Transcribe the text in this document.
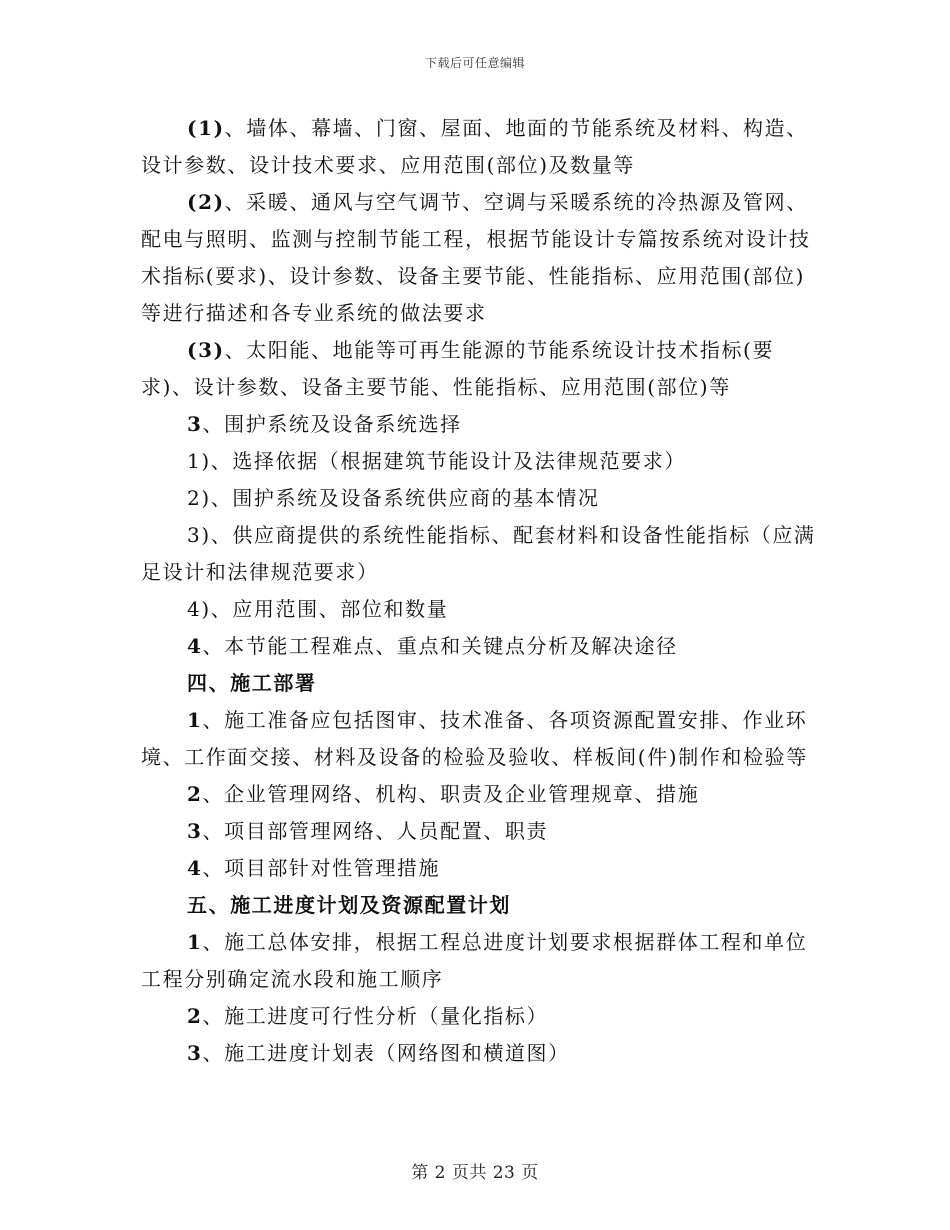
下载后可任意编辑

(1)、墙体、幕墙、门窗、屋面、地面的节能系统及材料、构造、设计参数、设计技术要求、应用范围(部位)及数量等

(2)、采暖、通风与空气调节、空调与采暖系统的冷热源及管网、配电与照明、监测与控制节能工程，根据节能设计专篇按系统对设计技术指标(要求)、设计参数、设备主要节能、性能指标、应用范围(部位)等进行描述和各专业系统的做法要求

(3)、太阳能、地能等可再生能源的节能系统设计技术指标(要求)、设计参数、设备主要节能、性能指标、应用范围(部位)等

3、围护系统及设备系统选择

1)、选择依据（根据建筑节能设计及法律规范要求）

2)、围护系统及设备系统供应商的基本情况

3)、供应商提供的系统性能指标、配套材料和设备性能指标（应满足设计和法律规范要求）

4)、应用范围、部位和数量

4、本节能工程难点、重点和关键点分析及解决途径

四、施工部署

1、施工准备应包括图审、技术准备、各项资源配置安排、作业环境、工作面交接、材料及设备的检验及验收、样板间(件)制作和检验等

2、企业管理网络、机构、职责及企业管理规章、措施

3、项目部管理网络、人员配置、职责

4、项目部针对性管理措施

五、施工进度计划及资源配置计划

1、施工总体安排，根据工程总进度计划要求根据群体工程和单位工程分别确定流水段和施工顺序

2、施工进度可行性分析（量化指标）

3、施工进度计划表（网络图和横道图）

第 2 页共 23 页
